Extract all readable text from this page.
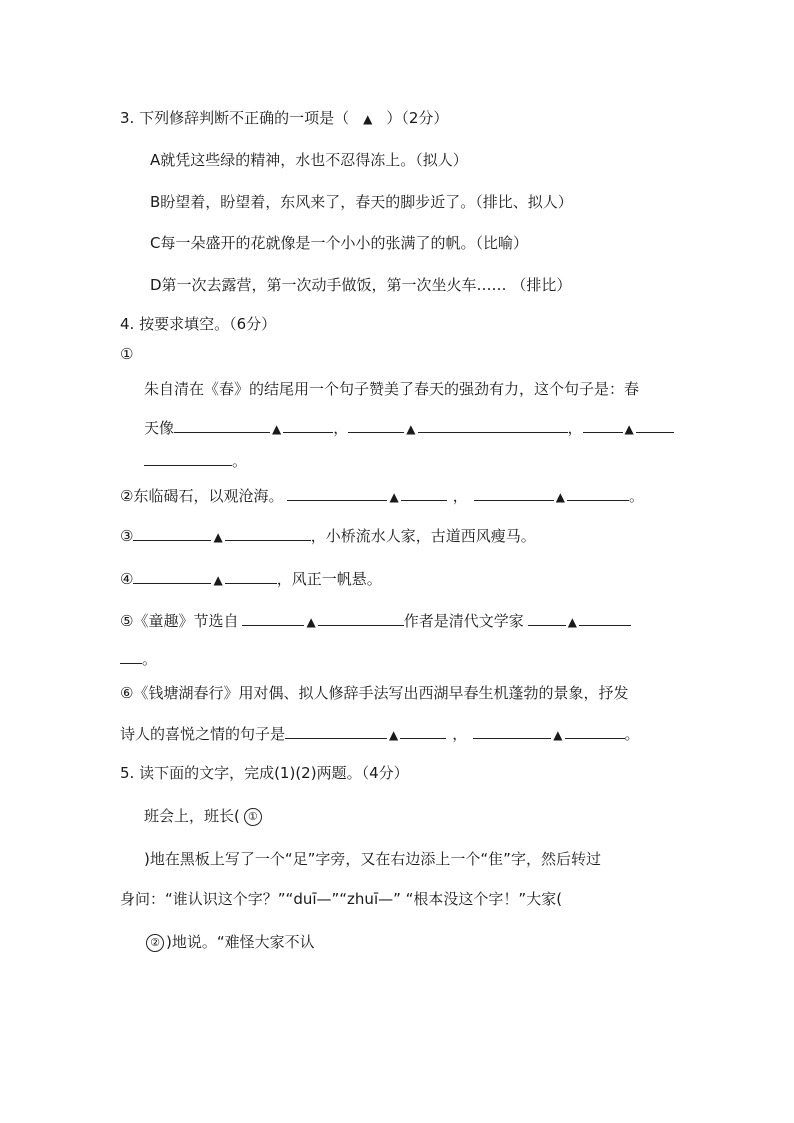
3. 下列修辞判断不正确的一项是（ ▲ ）（2分）
A就凭这些绿的精神，水也不忍得冻上。（拟人）
B盼望着，盼望着，东风来了，春天的脚步近了。（排比、拟人）
C每一朵盛开的花就像是一个小小的张满了的帆。（比喻）
D第一次去露营，第一次动手做饭，第一次坐火车…… （排比）
4. 按要求填空。（6分）
①
朱自清在《春》的结尾用一个句子赞美了春天的强劲有力，这个句子是：春
天像	▲	，	▲	，	▲
。
②东临碣石，以观沧海。	▲	，	▲	。
③	▲	，小桥流水人家，古道西风瘦马。
④	▲	，风正一帆悬。
⑤《童趣》节选自	▲	作者是清代文学家	▲
。
⑥《钱塘湖春行》用对偶、拟人修辞手法写出西湖早春生机蓬勃的景象，抒发
诗人的喜悦之情的句子是	▲	，	▲	。
5. 读下面的文字，完成(1)(2)两题。（4分）
班会上，班长( ①
)地在黑板上写了一个“足”字旁，又在右边添上一个“隹”字，然后转过
身问：“谁认识这个字？”“duī—”“zhuī—” “根本没这个字！”大家(
② )地说。“难怪大家不认
